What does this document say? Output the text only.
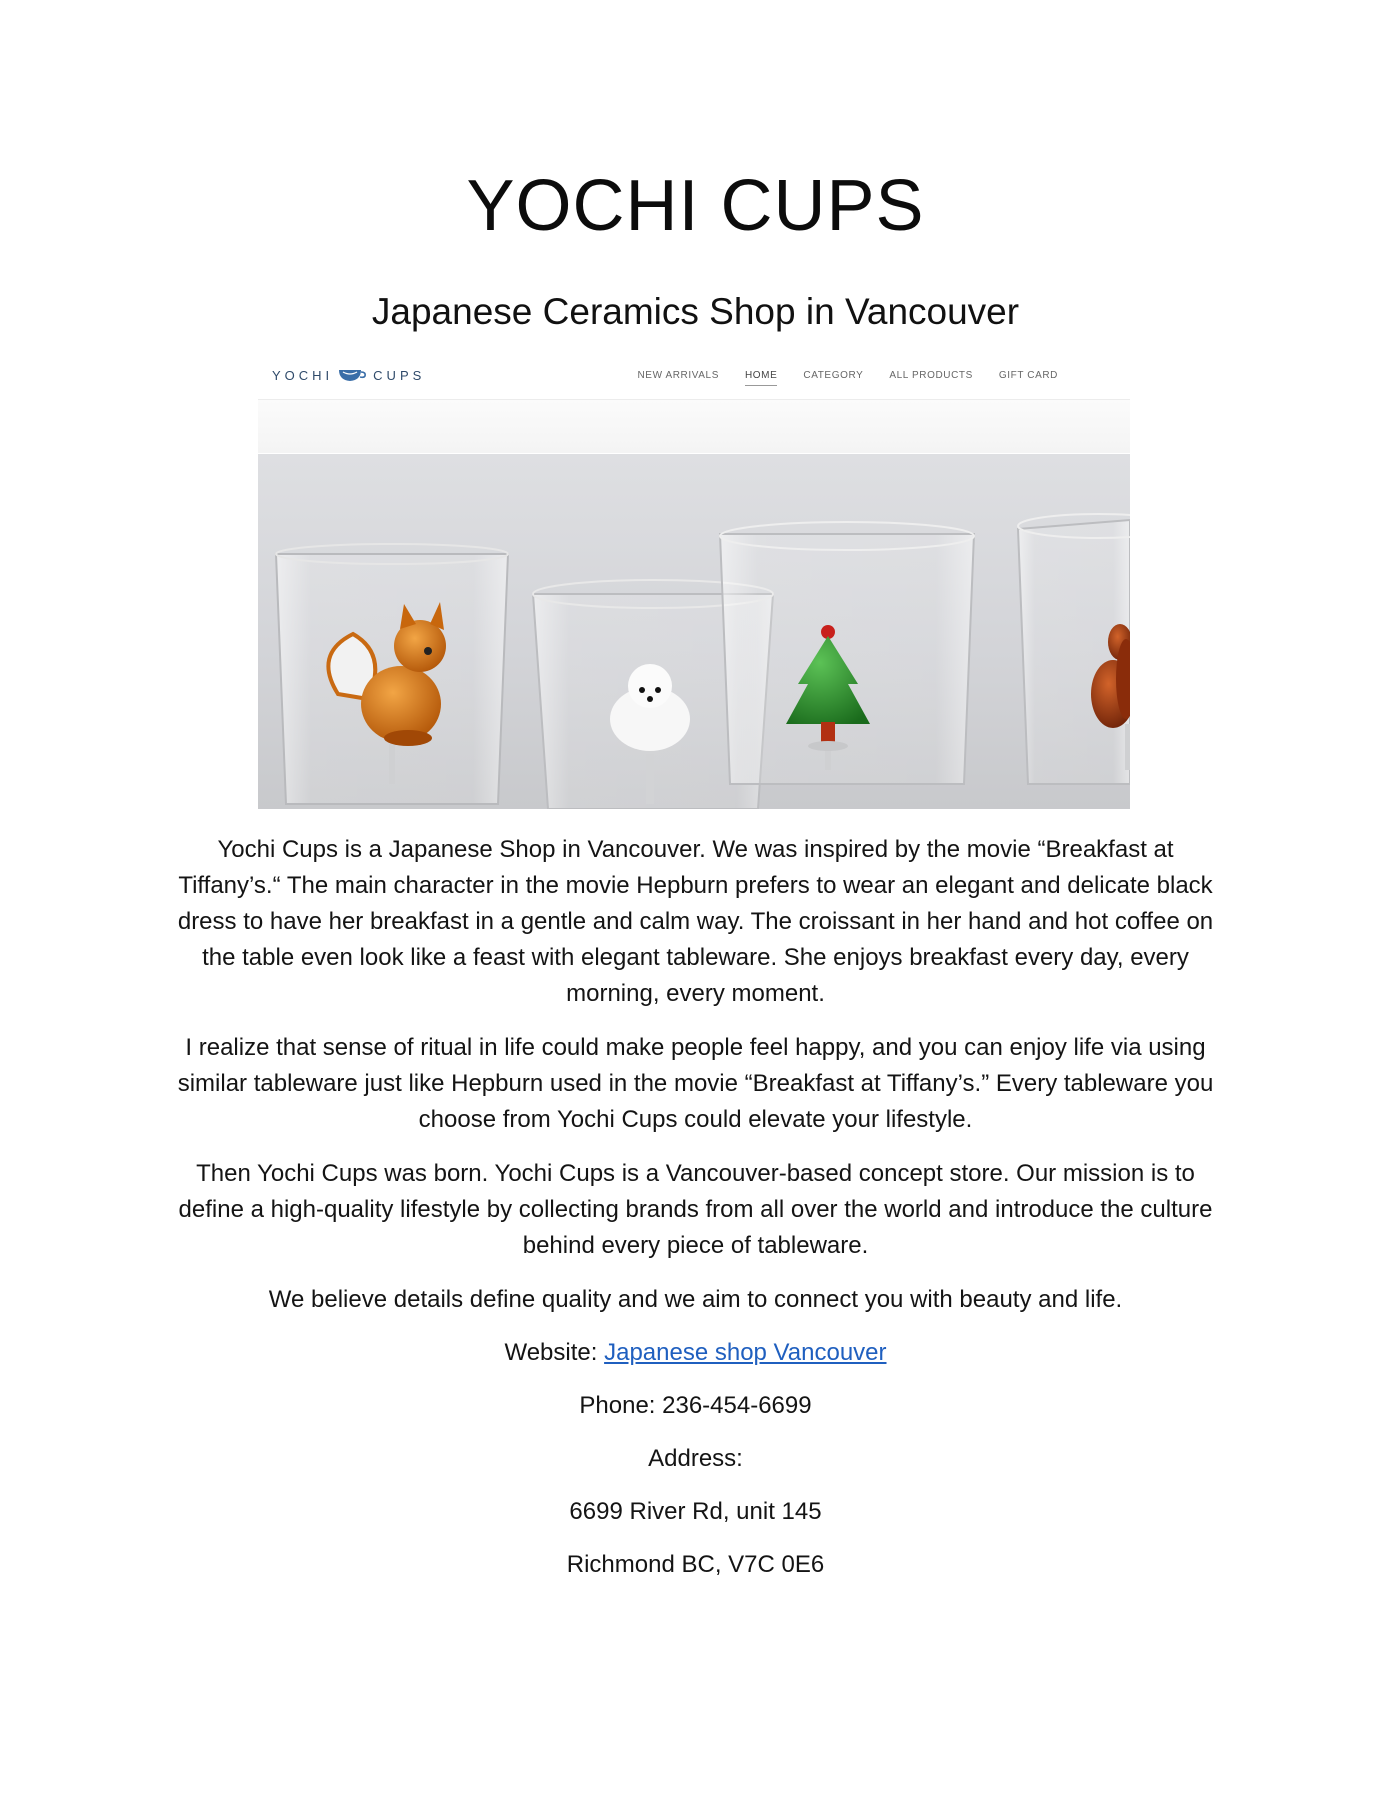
YOCHI CUPS
Japanese Ceramics Shop in Vancouver
YOCHI	CUPS	NEW ARRIVALS	HOME	CATEGORY	ALL PRODUCTS	GIFT CARD

Yochi Cups is a Japanese Shop in Vancouver. We was inspired by the movie “Breakfast at Tiffany’s.“ The main character in the movie Hepburn prefers to wear an elegant and delicate black dress to have her breakfast in a gentle and calm way. The croissant in her hand and hot coffee on the table even look like a feast with elegant tableware. She enjoys breakfast every day, every morning, every moment.

I realize that sense of ritual in life could make people feel happy, and you can enjoy life via using similar tableware just like Hepburn used in the movie “Breakfast at Tiffany’s.” Every tableware you choose from Yochi Cups could elevate your lifestyle.

Then Yochi Cups was born. Yochi Cups is a Vancouver-based concept store. Our mission is to define a high-quality lifestyle by collecting brands from all over the world and introduce the culture behind every piece of tableware.

We believe details define quality and we aim to connect you with beauty and life.

Website: Japanese shop Vancouver

Phone: 236-454-6699

Address:

6699 River Rd, unit 145

Richmond BC, V7C 0E6
